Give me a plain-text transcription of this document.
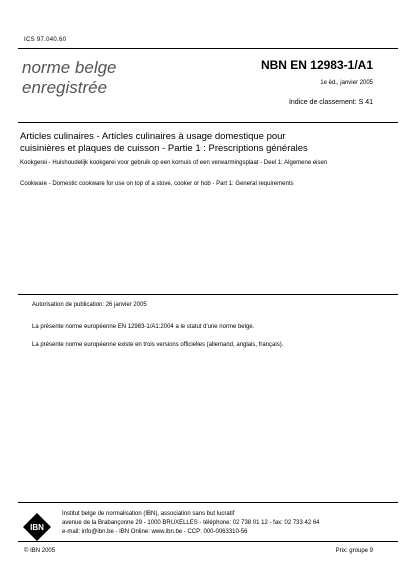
ICS 97.040.60
norme belge
enregistrée
NBN EN 12983-1/A1
1e éd., janvier 2005
Indice de classement: S 41
Articles culinaires - Articles culinaires à usage domestique pour
cuisinières et plaques de cuisson - Partie 1 : Prescriptions générales
Kookgerei - Huishoudelijk kookgerei voor gebruik op een kornuis of een verwarmingsplaat - Deel 1: Algemene eisen
Cookware - Domestic cookware for use on top of a stove, cooker or hob - Part 1: General requirements
Autorisation de publication: 26 janvier 2005
La présente norme européenne EN 12983-1/A1:2004 a le statut d'une norme belge.
La présente norme européenne existe en trois versions officielles (allemand, anglais, français).
IBN
Institut belge de normalisation (IBN), association sans but lucratif
avenue de la Brabançonne 29 - 1000 BRUXELLES - téléphone: 02 738 01 12 - fax: 02 733 42 64
e-mail: info@ibn.be - IBN Online: www.ibn.be - CCP: 000-0063310-56
© IBN 2005	Prix: groupe 9
